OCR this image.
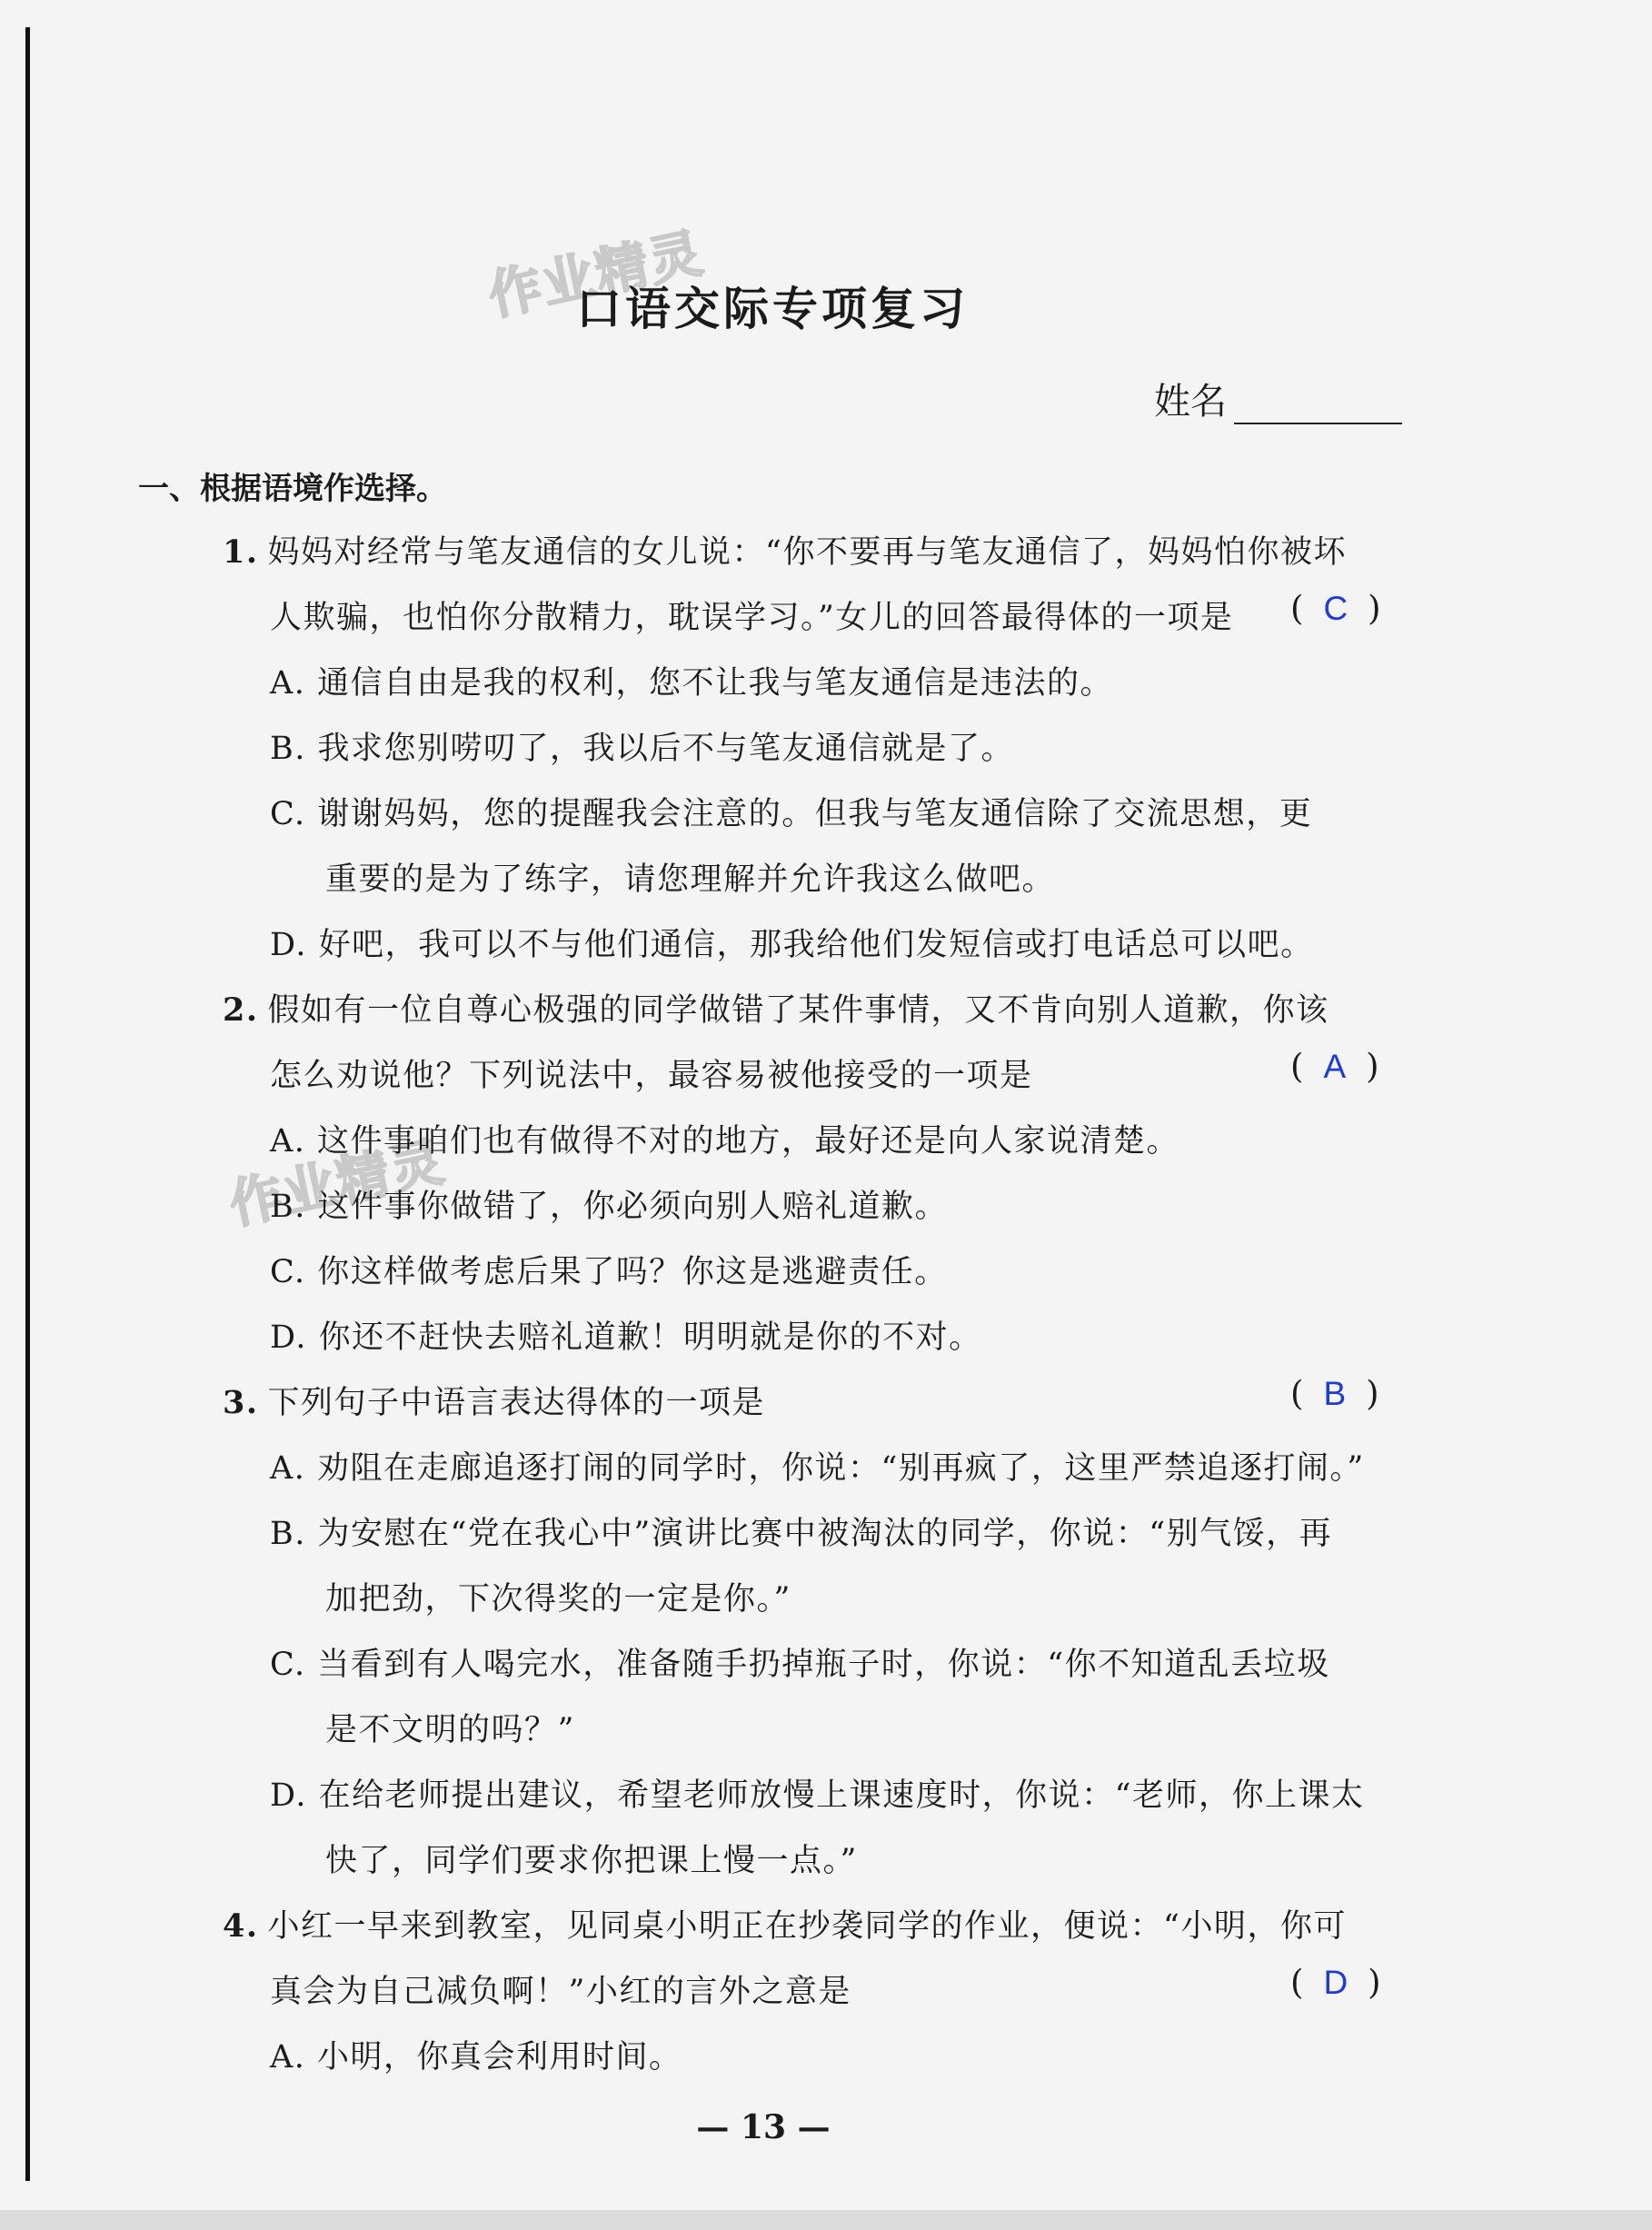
作业精灵
作业精灵
口语交际专项复习
姓名
一、根据语境作选择。
1. 妈妈对经常与笔友通信的女儿说：“你不要再与笔友通信了，妈妈怕你被坏
人欺骗，也怕你分散精力，耽误学习。”女儿的回答最得体的一项是 ( C )
A. 通信自由是我的权利，您不让我与笔友通信是违法的。
B. 我求您别唠叨了，我以后不与笔友通信就是了。
C. 谢谢妈妈，您的提醒我会注意的。但我与笔友通信除了交流思想，更
重要的是为了练字，请您理解并允许我这么做吧。
D. 好吧，我可以不与他们通信，那我给他们发短信或打电话总可以吧。
2. 假如有一位自尊心极强的同学做错了某件事情，又不肯向别人道歉，你该
怎么劝说他？下列说法中，最容易被他接受的一项是	( A )
A. 这件事咱们也有做得不对的地方，最好还是向人家说清楚。
B. 这件事你做错了，你必须向别人赔礼道歉。
C. 你这样做考虑后果了吗？你这是逃避责任。
D. 你还不赶快去赔礼道歉！明明就是你的不对。
3. 下列句子中语言表达得体的一项是	( B )
A. 劝阻在走廊追逐打闹的同学时，你说：“别再疯了，这里严禁追逐打闹。”
B. 为安慰在“党在我心中”演讲比赛中被淘汰的同学，你说：“别气馁，再
加把劲，下次得奖的一定是你。”
C. 当看到有人喝完水，准备随手扔掉瓶子时，你说：“你不知道乱丢垃圾
是不文明的吗？”
D. 在给老师提出建议，希望老师放慢上课速度时，你说：“老师，你上课太
快了，同学们要求你把课上慢一点。”
4. 小红一早来到教室，见同桌小明正在抄袭同学的作业，便说：“小明，你可
真会为自己减负啊！”小红的言外之意是	( D )
A. 小明，你真会利用时间。
— 13 —
